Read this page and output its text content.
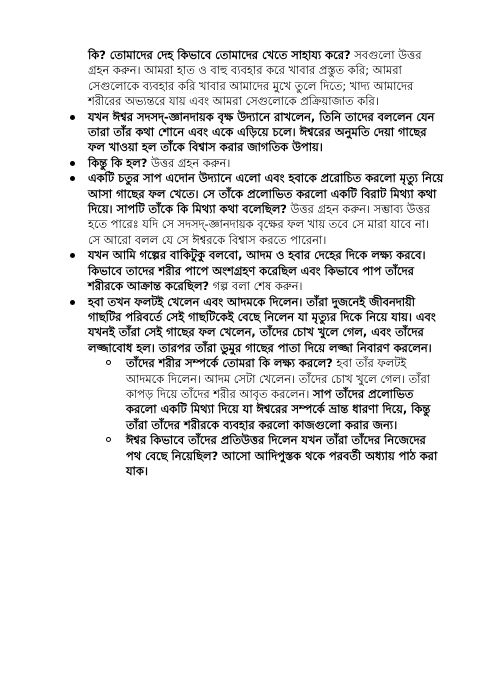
কি? তোমাদের দেহ কিভাবে তোমাদের খেতে সাহায্য করে? সবগুলো উত্তর গ্রহন করুন। আমরা হাত ও বাহু ব্যবহার করে খাবার প্রস্তুত করি; আমরা সেগুলোকে ব্যবহার করি খাবার আমাদের মুখে তুলে দিতে; খাদ্য আমাদের শরীরের অভ্যন্তরে যায় এবং আমরা সেগুলোকে প্রক্রিয়াজাত করি।

যখন ঈশ্বর সদসদ্‌-জ্ঞানদায়ক বৃক্ষ উদ্যানে রাখলেন, তিনি তাদের বললেন যেন তারা তাঁর কথা শোনে এবং একে এড়িয়ে চলে। ঈশ্বরের অনুমতি দেয়া গাছের ফল খাওয়া হল তাঁকে বিশ্বাস করার জাগতিক উপায়।
কিন্তু কি হল? উত্তর গ্রহন করুন।
একটি চতুর সাপ এদোন উদ্যানে এলো এবং হবাকে প্ররোচিত করলো মৃত্যু নিয়ে আসা গাছের ফল খেতে। সে তাঁকে প্রলোভিত করলো একটি বিরাট মিথ্যা কথা দিয়ে। সাপটি তাঁকে কি মিথ্যা কথা বলেছিল? উত্তর গ্রহন করুন। সম্ভাব্য উত্তর হতে পারেঃ যদি সে সদসদ্‌-জ্ঞানদায়ক বৃক্ষের ফল খায় তবে সে মারা যাবে না। সে আরো বলল যে সে ঈশ্বরকে বিশ্বাস করতে পারেনা।
যখন আমি গল্পের বাকিটুকু বলবো, আদম ও হবার দেহের দিকে লক্ষ্য করবে। কিভাবে তাদের শরীর পাপে অংশগ্রহণ করেছিল এবং কিভাবে পাপ তাঁদের শরীরকে আক্রান্ত করেছিল? গল্প বলা শেষ করুন।
হবা তখন ফলটই খেলেন এবং আদমকে দিলেন। তাঁরা দুজনেই জীবনদায়ী গাছটির পরিবর্তে সেই গাছটিকেই বেছে নিলেন যা মৃত্যুর দিকে নিয়ে যায়। এবং যখনই তাঁরা সেই গাছের ফল খেলেন, তাঁদের চোখ খুলে গেল, এবং তাঁদের লজ্জাবোধ হল। তারপর তাঁরা ডুমুর গাছের পাতা দিয়ে লজ্জা নিবারণ করলেন।
তাঁদের শরীর সম্পর্কে তোমরা কি লক্ষ্য করলে? হবা তাঁর ফলটই আদমকে দিলেন। আদম সেটা খেলেন। তাঁদের চোখ খুলে গেল। তাঁরা কাপড় দিয়ে তাঁদের শরীর আবৃত করলেন। সাপ তাঁদের প্রলোভিত করলো একটি মিথ্যা দিয়ে যা ঈশ্বরের সম্পর্কে ভ্রান্ত ধারণা দিয়ে, কিন্তু তাঁরা তাঁদের শরীরকে ব্যবহার করলো কাজগুলো করার জন্য।
ঈশ্বর কিভাবে তাঁদের প্রতিউত্তর দিলেন যখন তাঁরা তাঁদের নিজেদের পথ বেছে নিয়েছিল? আসো আদিপুস্তক থকে পরবর্তী অধ্যায় পাঠ করা যাক।
